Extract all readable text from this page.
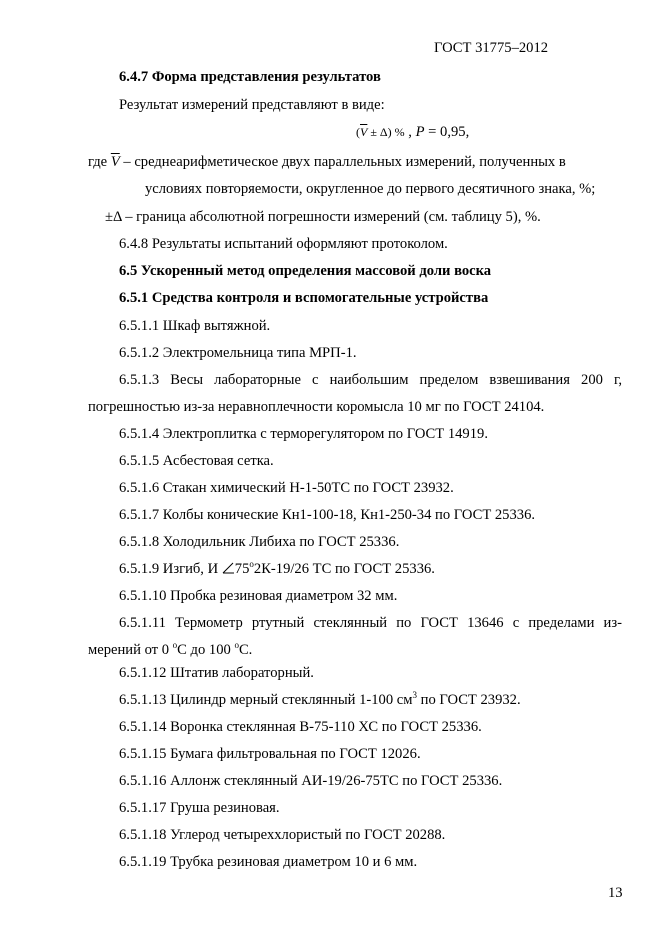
ГОСТ 31775–2012
6.4.7 Форма представления результатов
Результат измерений представляют в виде:
$(\overline{V} \pm \Delta)$ % , P = 0,95,
где $\overline{V}$ – среднеарифметическое двух параллельных измерений, полученных в
условиях повторяемости, округленное до первого десятичного знака, %;
±Δ – граница абсолютной погрешности измерений (см. таблицу 5), %.
6.4.8 Результаты испытаний оформляют протоколом.
6.5 Ускоренный метод определения массовой доли воска
6.5.1 Средства контроля и вспомогательные устройства
6.5.1.1 Шкаф вытяжной.
6.5.1.2 Электромельница типа МРП-1.
6.5.1.3 Весы лабораторные с наибольшим пределом взвешивания 200 г,
погрешностью из-за неравноплечности коромысла 10 мг по ГОСТ 24104.
6.5.1.4 Электроплитка с терморегулятором по ГОСТ 14919.
6.5.1.5 Асбестовая сетка.
6.5.1.6 Стакан химический Н-1-50ТС по ГОСТ 23932.
6.5.1.7 Колбы конические Кн1-100-18, Кн1-250-34 по ГОСТ 25336.
6.5.1.8 Холодильник Либиха по ГОСТ 25336.
6.5.1.9 Изгиб, И 75$^o$2К-19/26 ТС по ГОСТ 25336.
6.5.1.10 Пробка резиновая диаметром 32 мм.
6.5.1.11 Термометр ртутный стеклянный по ГОСТ 13646 с пределами из-
мерений от 0 $^o$С до 100 $^o$С.
6.5.1.12 Штатив лабораторный.
6.5.1.13 Цилиндр мерный стеклянный 1-100 $см^3$ по ГОСТ 23932.
6.5.1.14 Воронка стеклянная В-75-110 ХС по ГОСТ 25336.
6.5.1.15 Бумага фильтровальная по ГОСТ 12026.
6.5.1.16 Аллонж стеклянный АИ-19/26-75ТС по ГОСТ 25336.
6.5.1.17 Груша резиновая.
6.5.1.18 Углерод четыреххлористый по ГОСТ 20288.
6.5.1.19 Трубка резиновая диаметром 10 и 6 мм.
13
